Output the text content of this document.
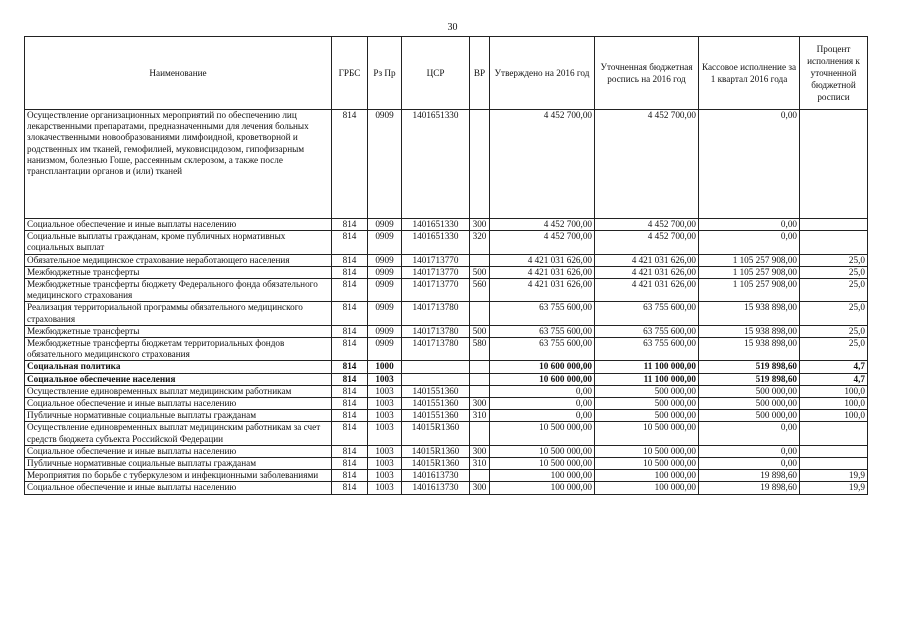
30
Наименование	ГРБС	Рз Пр	ЦСР	ВР	Утверждено на 2016 год	Уточненная бюджетная роспись на 2016 год	Кассовое исполнение за 1 квартал 2016 года	Процент исполнения к уточненной бюджетной росписи
Осуществление организационных мероприятий по обеспечению лиц лекарственными препаратами, предназначенными для лечения больных злокачественными новообразованиями лимфоидной, кроветворной и родственных им тканей, гемофилией, муковисцидозом, гипофизарным нанизмом, болезнью Гоше, рассеянным склерозом, а также после трансплантации органов и (или) тканей	814	0909	1401651330		4 452 700,00	4 452 700,00	0,00	
Социальное обеспечение и иные выплаты населению	814	0909	1401651330	300	4 452 700,00	4 452 700,00	0,00	
Социальные выплаты гражданам, кроме публичных нормативных социальных выплат	814	0909	1401651330	320	4 452 700,00	4 452 700,00	0,00	
Обязательное медицинское страхование неработающего населения	814	0909	1401713770		4 421 031 626,00	4 421 031 626,00	1 105 257 908,00	25,0
Межбюджетные трансферты	814	0909	1401713770	500	4 421 031 626,00	4 421 031 626,00	1 105 257 908,00	25,0
Межбюджетные трансферты бюджету Федерального фонда обязательного медицинского страхования	814	0909	1401713770	560	4 421 031 626,00	4 421 031 626,00	1 105 257 908,00	25,0
Реализация территориальной программы обязательного медицинского страхования	814	0909	1401713780		63 755 600,00	63 755 600,00	15 938 898,00	25,0
Межбюджетные трансферты	814	0909	1401713780	500	63 755 600,00	63 755 600,00	15 938 898,00	25,0
Межбюджетные трансферты бюджетам территориальных фондов обязательного медицинского страхования	814	0909	1401713780	580	63 755 600,00	63 755 600,00	15 938 898,00	25,0
Социальная политика	814	1000			10 600 000,00	11 100 000,00	519 898,60	4,7
Социальное обеспечение населения	814	1003			10 600 000,00	11 100 000,00	519 898,60	4,7
Осуществление единовременных выплат медицинским работникам	814	1003	1401551360		0,00	500 000,00	500 000,00	100,0
Социальное обеспечение и иные выплаты населению	814	1003	1401551360	300	0,00	500 000,00	500 000,00	100,0
Публичные нормативные социальные выплаты гражданам	814	1003	1401551360	310	0,00	500 000,00	500 000,00	100,0
Осуществление единовременных выплат медицинским работникам за счет средств бюджета субъекта Российской Федерации	814	1003	14015R1360		10 500 000,00	10 500 000,00	0,00	
Социальное обеспечение и иные выплаты населению	814	1003	14015R1360	300	10 500 000,00	10 500 000,00	0,00	
Публичные нормативные социальные выплаты гражданам	814	1003	14015R1360	310	10 500 000,00	10 500 000,00	0,00	
Мероприятия по борьбе с туберкулезом и инфекционными заболеваниями	814	1003	1401613730		100 000,00	100 000,00	19 898,60	19,9
Социальное обеспечение и иные выплаты населению	814	1003	1401613730	300	100 000,00	100 000,00	19 898,60	19,9
